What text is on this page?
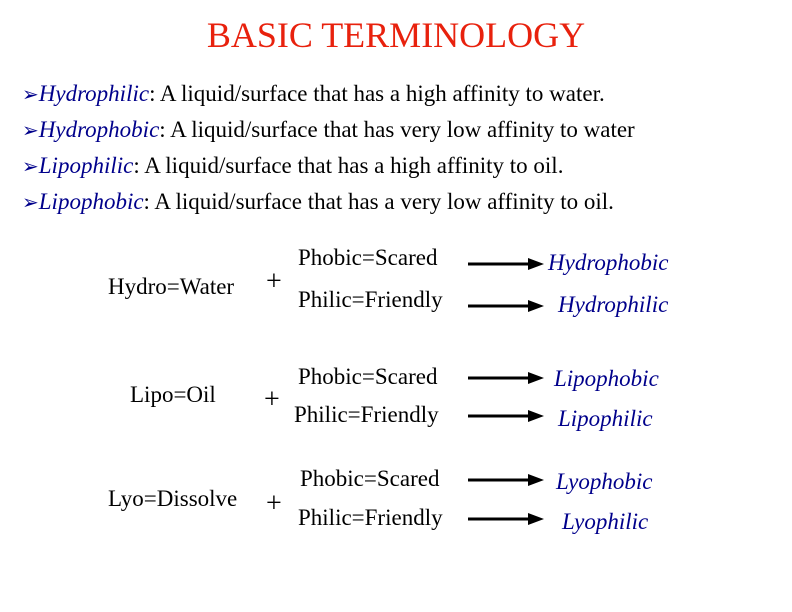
BASIC TERMINOLOGY
➢Hydrophilic: A liquid/surface that has a high affinity to water.
➢Hydrophobic: A liquid/surface that has very low affinity to water
➢Lipophilic: A liquid/surface that has a high affinity to oil.
➢Lipophobic: A liquid/surface that has a very low affinity to oil.
Hydro=Water +
Phobic=Scared
Philic=Friendly
Hydrophobic
Hydrophilic
Lipo=Oil +
Phobic=Scared
Philic=Friendly
Lipophobic
Lipophilic
Lyo=Dissolve +
Phobic=Scared
Philic=Friendly
Lyophobic
Lyophilic
